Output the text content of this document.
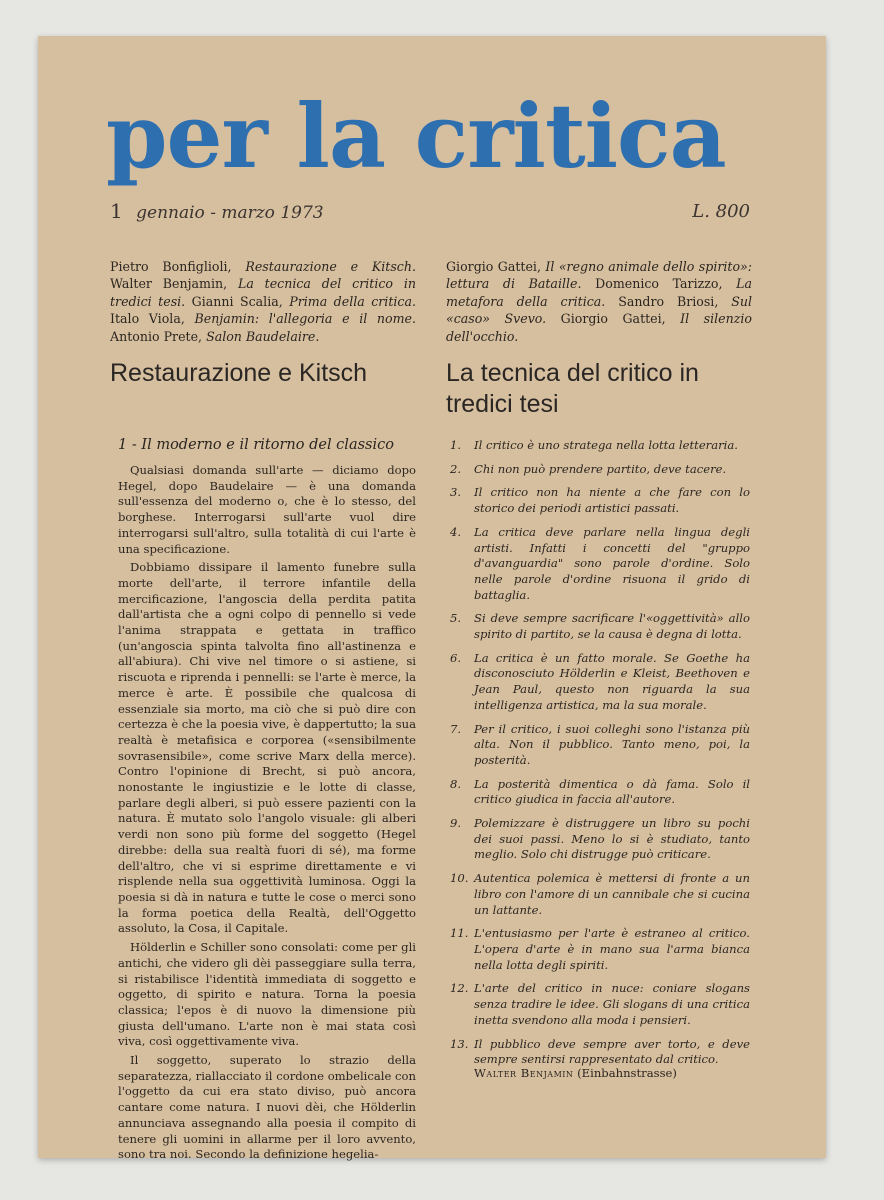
per la critica
1 gennaio - marzo 1973	L. 800
Pietro Bonfiglioli, Restaurazione e Kitsch. Walter Benjamin, La tecnica del critico in tredici tesi. Gianni Scalia, Prima della critica. Italo Viola, Benjamin: l'allegoria e il nome. Antonio Prete, Salon Baudelaire.
Giorgio Gattei, Il «regno animale dello spirito»: lettura di Bataille. Domenico Tarizzo, La metafora della critica. Sandro Briosi, Sul «caso» Svevo. Giorgio Gattei, Il silenzio dell'occhio.
Restaurazione e Kitsch	La tecnica del critico in tredici tesi
1 - Il moderno e il ritorno del classico

Qualsiasi domanda sull'arte — diciamo dopo Hegel, dopo Baudelaire — è una domanda sull'essenza del moderno o, che è lo stesso, del borghese. Interrogarsi sull'arte vuol dire interrogarsi sull'altro, sulla totalità di cui l'arte è una specificazione.

Dobbiamo dissipare il lamento funebre sulla morte dell'arte, il terrore infantile della mercificazione, l'angoscia della perdita patita dall'artista che a ogni colpo di pennello si vede l'anima strappata e gettata in traffico (un'angoscia spinta talvolta fino all'astinenza e all'abiura). Chi vive nel timore o si astiene, si riscuota e riprenda i pennelli: se l'arte è merce, la merce è arte. È possibile che qualcosa di essenziale sia morto, ma ciò che si può dire con certezza è che la poesia vive, è dappertutto; la sua realtà è metafisica e corporea («sensibilmente sovrasensibile», come scrive Marx della merce). Contro l'opinione di Brecht, si può ancora, nonostante le ingiustizie e le lotte di classe, parlare degli alberi, si può essere pazienti con la natura. È mutato solo l'angolo visuale: gli alberi verdi non sono più forme del soggetto (Hegel direbbe: della sua realtà fuori di sé), ma forme dell'altro, che vi si esprime direttamente e vi risplende nella sua oggettività luminosa. Oggi la poesia si dà in natura e tutte le cose o merci sono la forma poetica della Realtà, dell'Oggetto assoluto, la Cosa, il Capitale.

Hölderlin e Schiller sono consolati: come per gli antichi, che videro gli dèi passeggiare sulla terra, si ristabilisce l'identità immediata di soggetto e oggetto, di spirito e natura. Torna la poesia classica; l'epos è di nuovo la dimensione più giusta dell'umano. L'arte non è mai stata così viva, così oggettivamente viva.

Il soggetto, superato lo strazio della separatezza, riallacciato il cordone ombelicale con l'oggetto da cui era stato diviso, può ancora cantare come natura. I nuovi dèi, che Hölderlin annunciava assegnando alla poesia il compito di tenere gli uomini in allarme per il loro avvento, sono tra noi. Secondo la definizione hegelia-

1. Il critico è uno stratega nella lotta letteraria.
2. Chi non può prendere partito, deve tacere.
3. Il critico non ha niente a che fare con lo storico dei periodi artistici passati.
4. La critica deve parlare nella lingua degli artisti. Infatti i concetti del "gruppo d'avanguardia" sono parole d'ordine. Solo nelle parole d'ordine risuona il grido di battaglia.
5. Si deve sempre sacrificare l'«oggettività» allo spirito di partito, se la causa è degna di lotta.
6. La critica è un fatto morale. Se Goethe ha disconosciuto Hölderlin e Kleist, Beethoven e Jean Paul, questo non riguarda la sua intelligenza artistica, ma la sua morale.
7. Per il critico, i suoi colleghi sono l'istanza più alta. Non il pubblico. Tanto meno, poi, la posterità.
8. La posterità dimentica o dà fama. Solo il critico giudica in faccia all'autore.
9. Polemizzare è distruggere un libro su pochi dei suoi passi. Meno lo si è studiato, tanto meglio. Solo chi distrugge può criticare.
10. Autentica polemica è mettersi di fronte a un libro con l'amore di un cannibale che si cucina un lattante.
11. L'entusiasmo per l'arte è estraneo al critico. L'opera d'arte è in mano sua l'arma bianca nella lotta degli spiriti.
12. L'arte del critico in nuce: coniare slogans senza tradire le idee. Gli slogans di una critica inetta svendono alla moda i pensieri.
13. Il pubblico deve sempre aver torto, e deve sempre sentirsi rappresentato dal critico.
Walter Benjamin (Einbahnstrasse)
